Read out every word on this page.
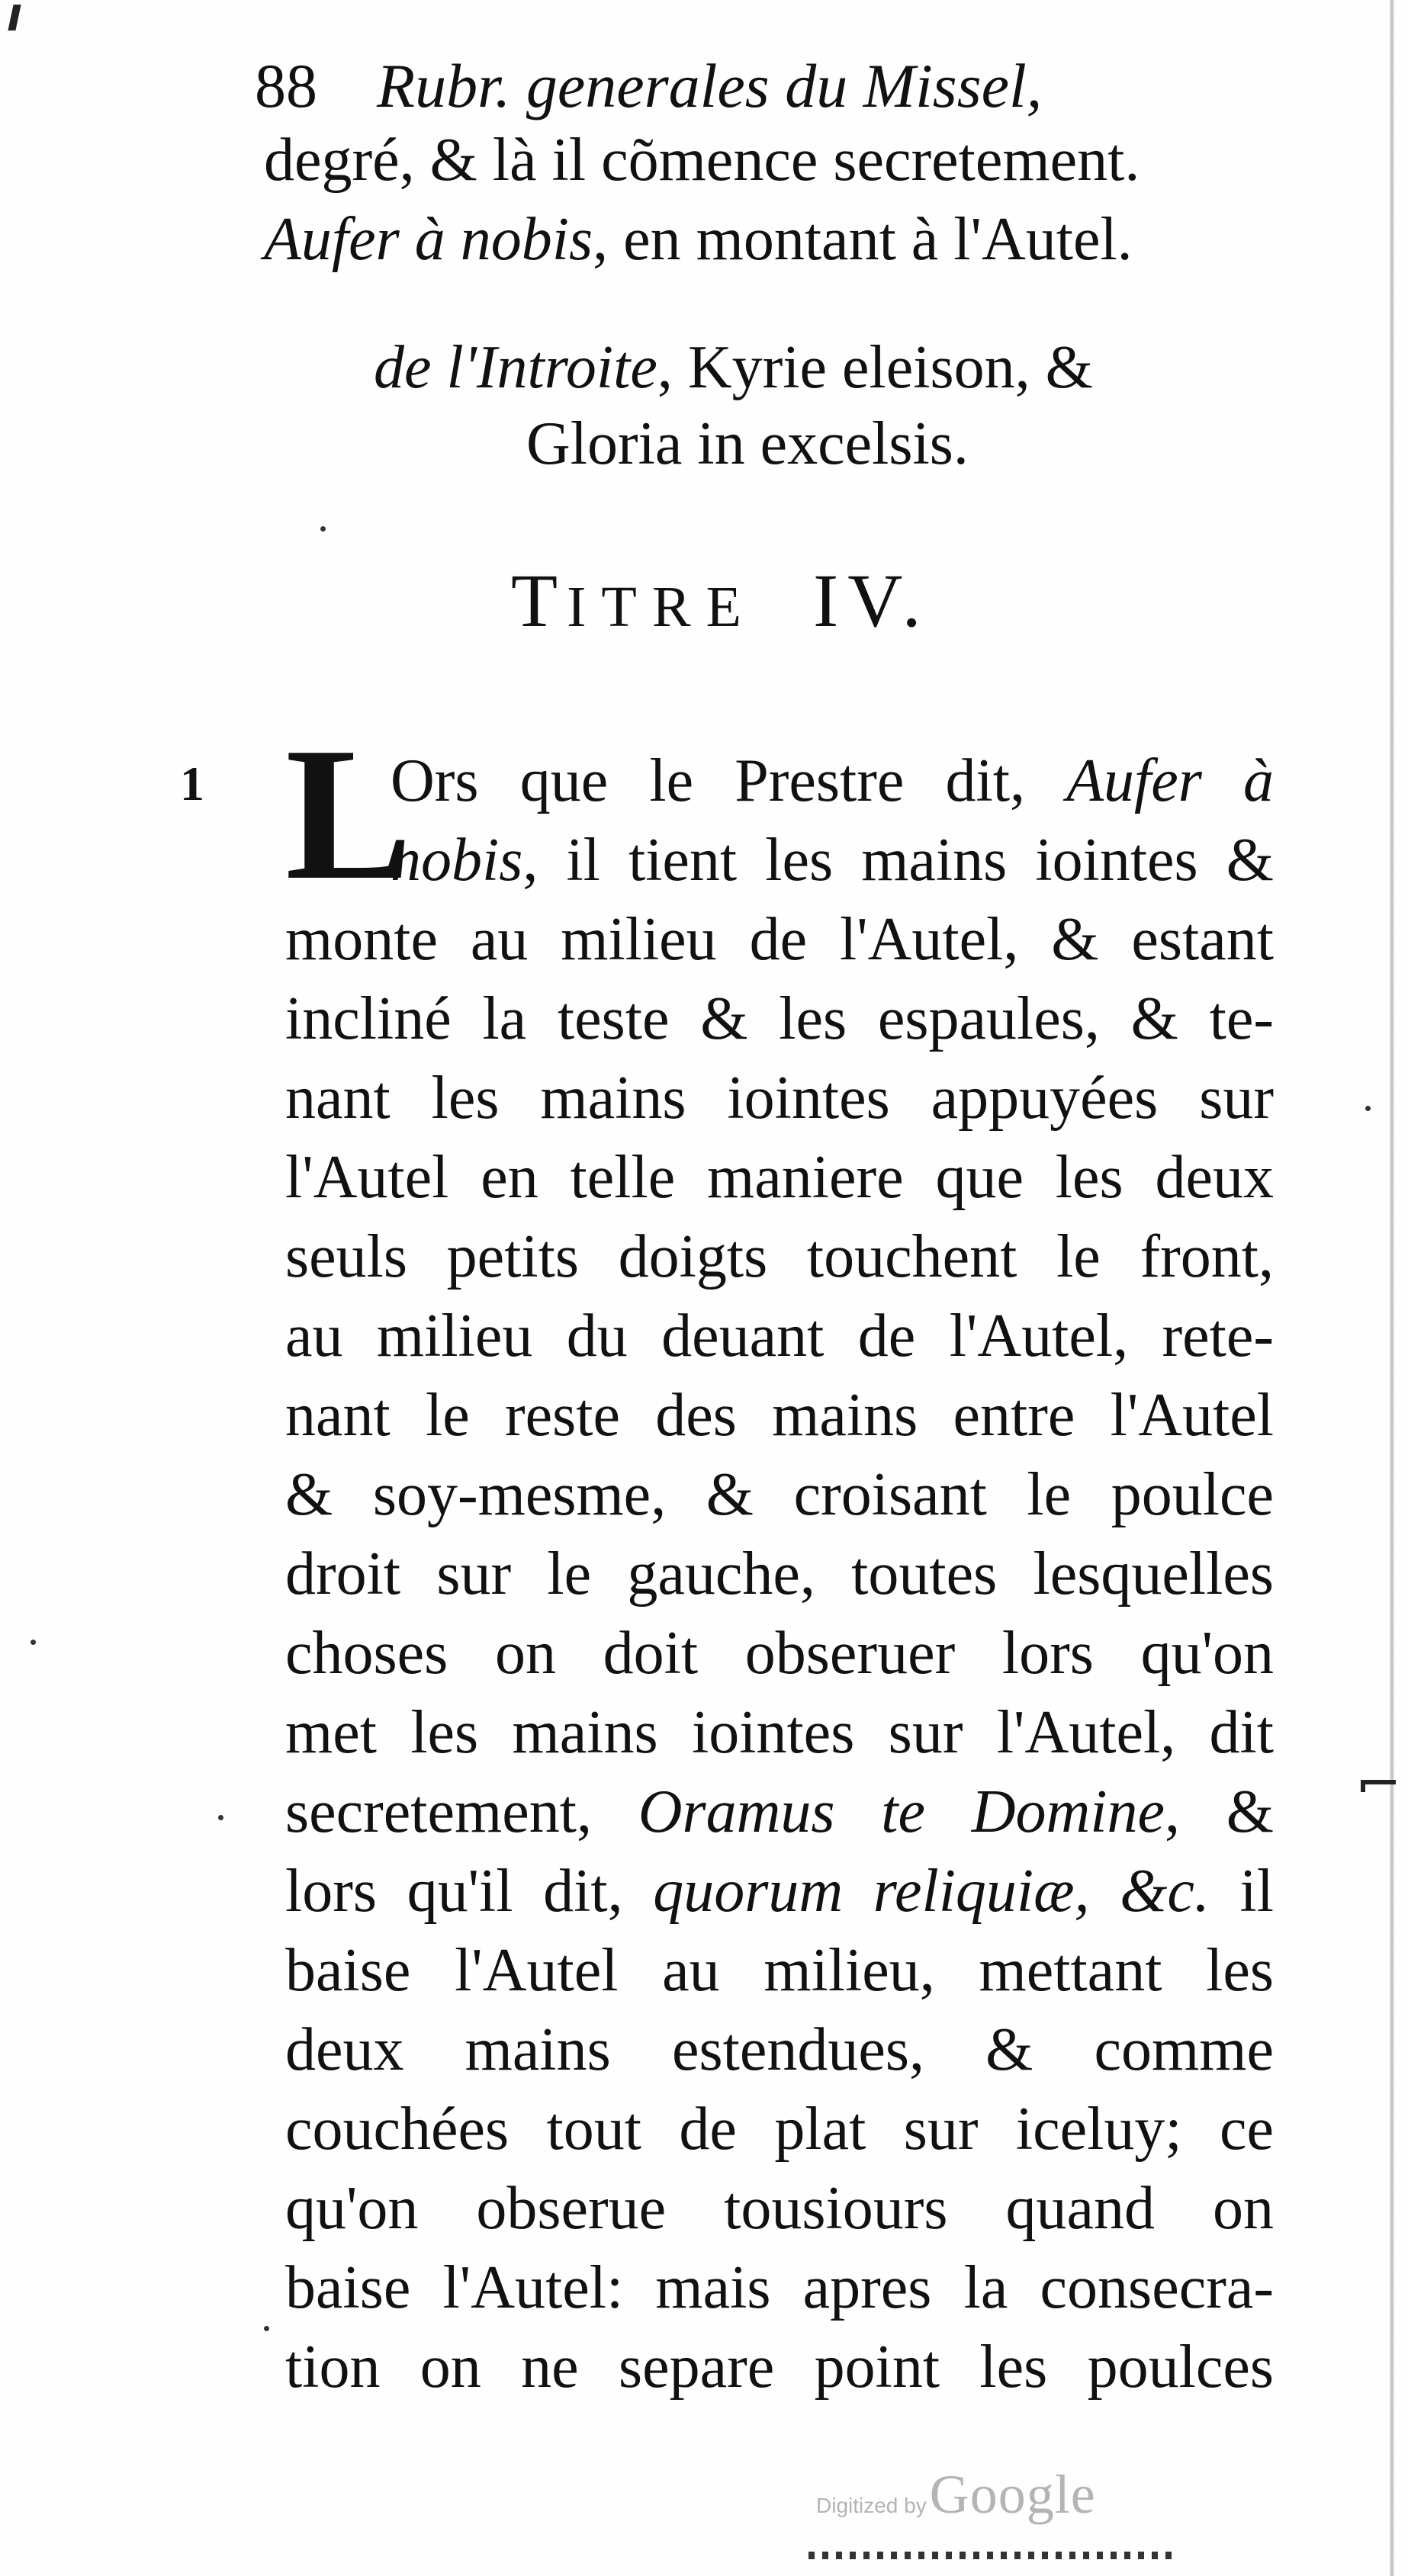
88 Rubr. generales du Missel,
degré, & là il cõmence secretement.
Aufer à nobis, en montant à l'Autel.
de l'Introite, Kyrie eleison, &
Gloria in excelsis.
TITRE IV.
1 L
Ors que le Prestre dit, Aufer à
nobis, il tient les mains iointes &
monte au milieu de l'Autel, & estant
incliné la teste & les espaules, & te-
nant les mains iointes appuyées sur
l'Autel en telle maniere que les deux
seuls petits doigts touchent le front,
au milieu du deuant de l'Autel, rete-
nant le reste des mains entre l'Autel
& soy-mesme, & croisant le poulce
droit sur le gauche, toutes lesquelles
choses on doit obseruer lors qu'on
met les mains iointes sur l'Autel, dit
secretement, Oramus te Domine, &
lors qu'il dit, quorum reliquiæ, &c. il
baise l'Autel au milieu, mettant les
deux mains estendues, & comme
couchées tout de plat sur iceluy; ce
qu'on obserue tousiours quand on
baise l'Autel: mais apres la consecra-
tion on ne separe point les poulces
Digitized by Google
